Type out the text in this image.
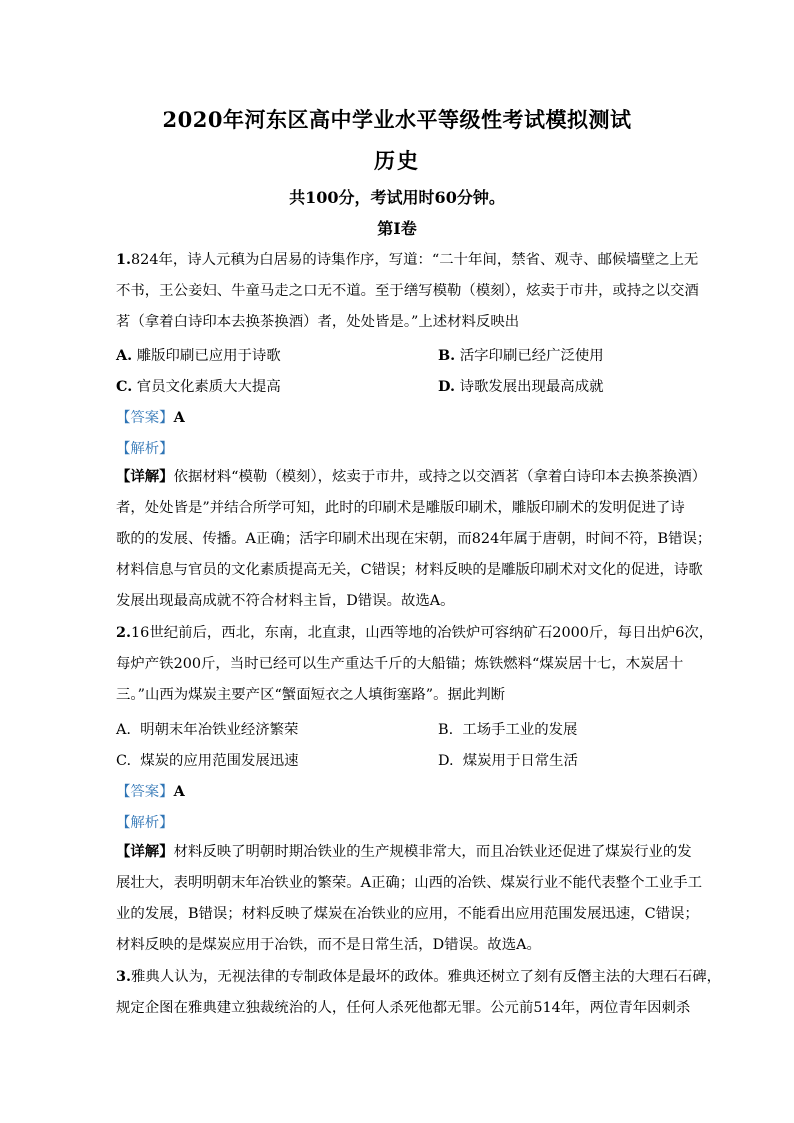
2020年河东区高中学业水平等级性考试模拟测试
历史
共100分，考试用时60分钟。
第Ⅰ卷
1.824年，诗人元稹为白居易的诗集作序，写道：“二十年间，禁省、观寺、邮候墙壁之上无
不书，王公妾妇、牛童马走之口无不道。至于缮写模勒（模刻），炫卖于市井，或持之以交酒
茗（拿着白诗印本去换茶换酒）者，处处皆是。”上述材料反映出
A. 雕版印刷已应用于诗歌	B. 活字印刷已经广泛使用
C. 官员文化素质大大提高	D. 诗歌发展出现最高成就
【答案】A
【解析】
【详解】依据材料“模勒（模刻），炫卖于市井，或持之以交酒茗（拿着白诗印本去换茶换酒）
者，处处皆是”并结合所学可知，此时的印刷术是雕版印刷术，雕版印刷术的发明促进了诗
歌的的发展、传播。A正确；活字印刷术出现在宋朝，而824年属于唐朝，时间不符，B错误；
材料信息与官员的文化素质提高无关，C错误；材料反映的是雕版印刷术对文化的促进，诗歌
发展出现最高成就不符合材料主旨，D错误。故选A。
2.16世纪前后，西北，东南，北直隶，山西等地的冶铁炉可容纳矿石2000斤，每日出炉6次，
每炉产铁200斤，当时已经可以生产重达千斤的大船锚；炼铁燃料“煤炭居十七，木炭居十
三。”山西为煤炭主要产区“蟹面短衣之人填街塞路”。据此判断
A. 明朝末年冶铁业经济繁荣	B. 工场手工业的发展
C. 煤炭的应用范围发展迅速	D. 煤炭用于日常生活
【答案】A
【解析】
【详解】材料反映了明朝时期冶铁业的生产规模非常大，而且冶铁业还促进了煤炭行业的发
展壮大，表明明朝末年冶铁业的繁荣。A正确；山西的冶铁、煤炭行业不能代表整个工业手工
业的发展，B错误；材料反映了煤炭在冶铁业的应用，不能看出应用范围发展迅速，C错误；
材料反映的是煤炭应用于冶铁，而不是日常生活，D错误。故选A。
3.雅典人认为，无视法律的专制政体是最坏的政体。雅典还树立了刻有反僭主法的大理石石碑，
规定企图在雅典建立独裁统治的人，任何人杀死他都无罪。公元前514年，两位青年因刺杀
